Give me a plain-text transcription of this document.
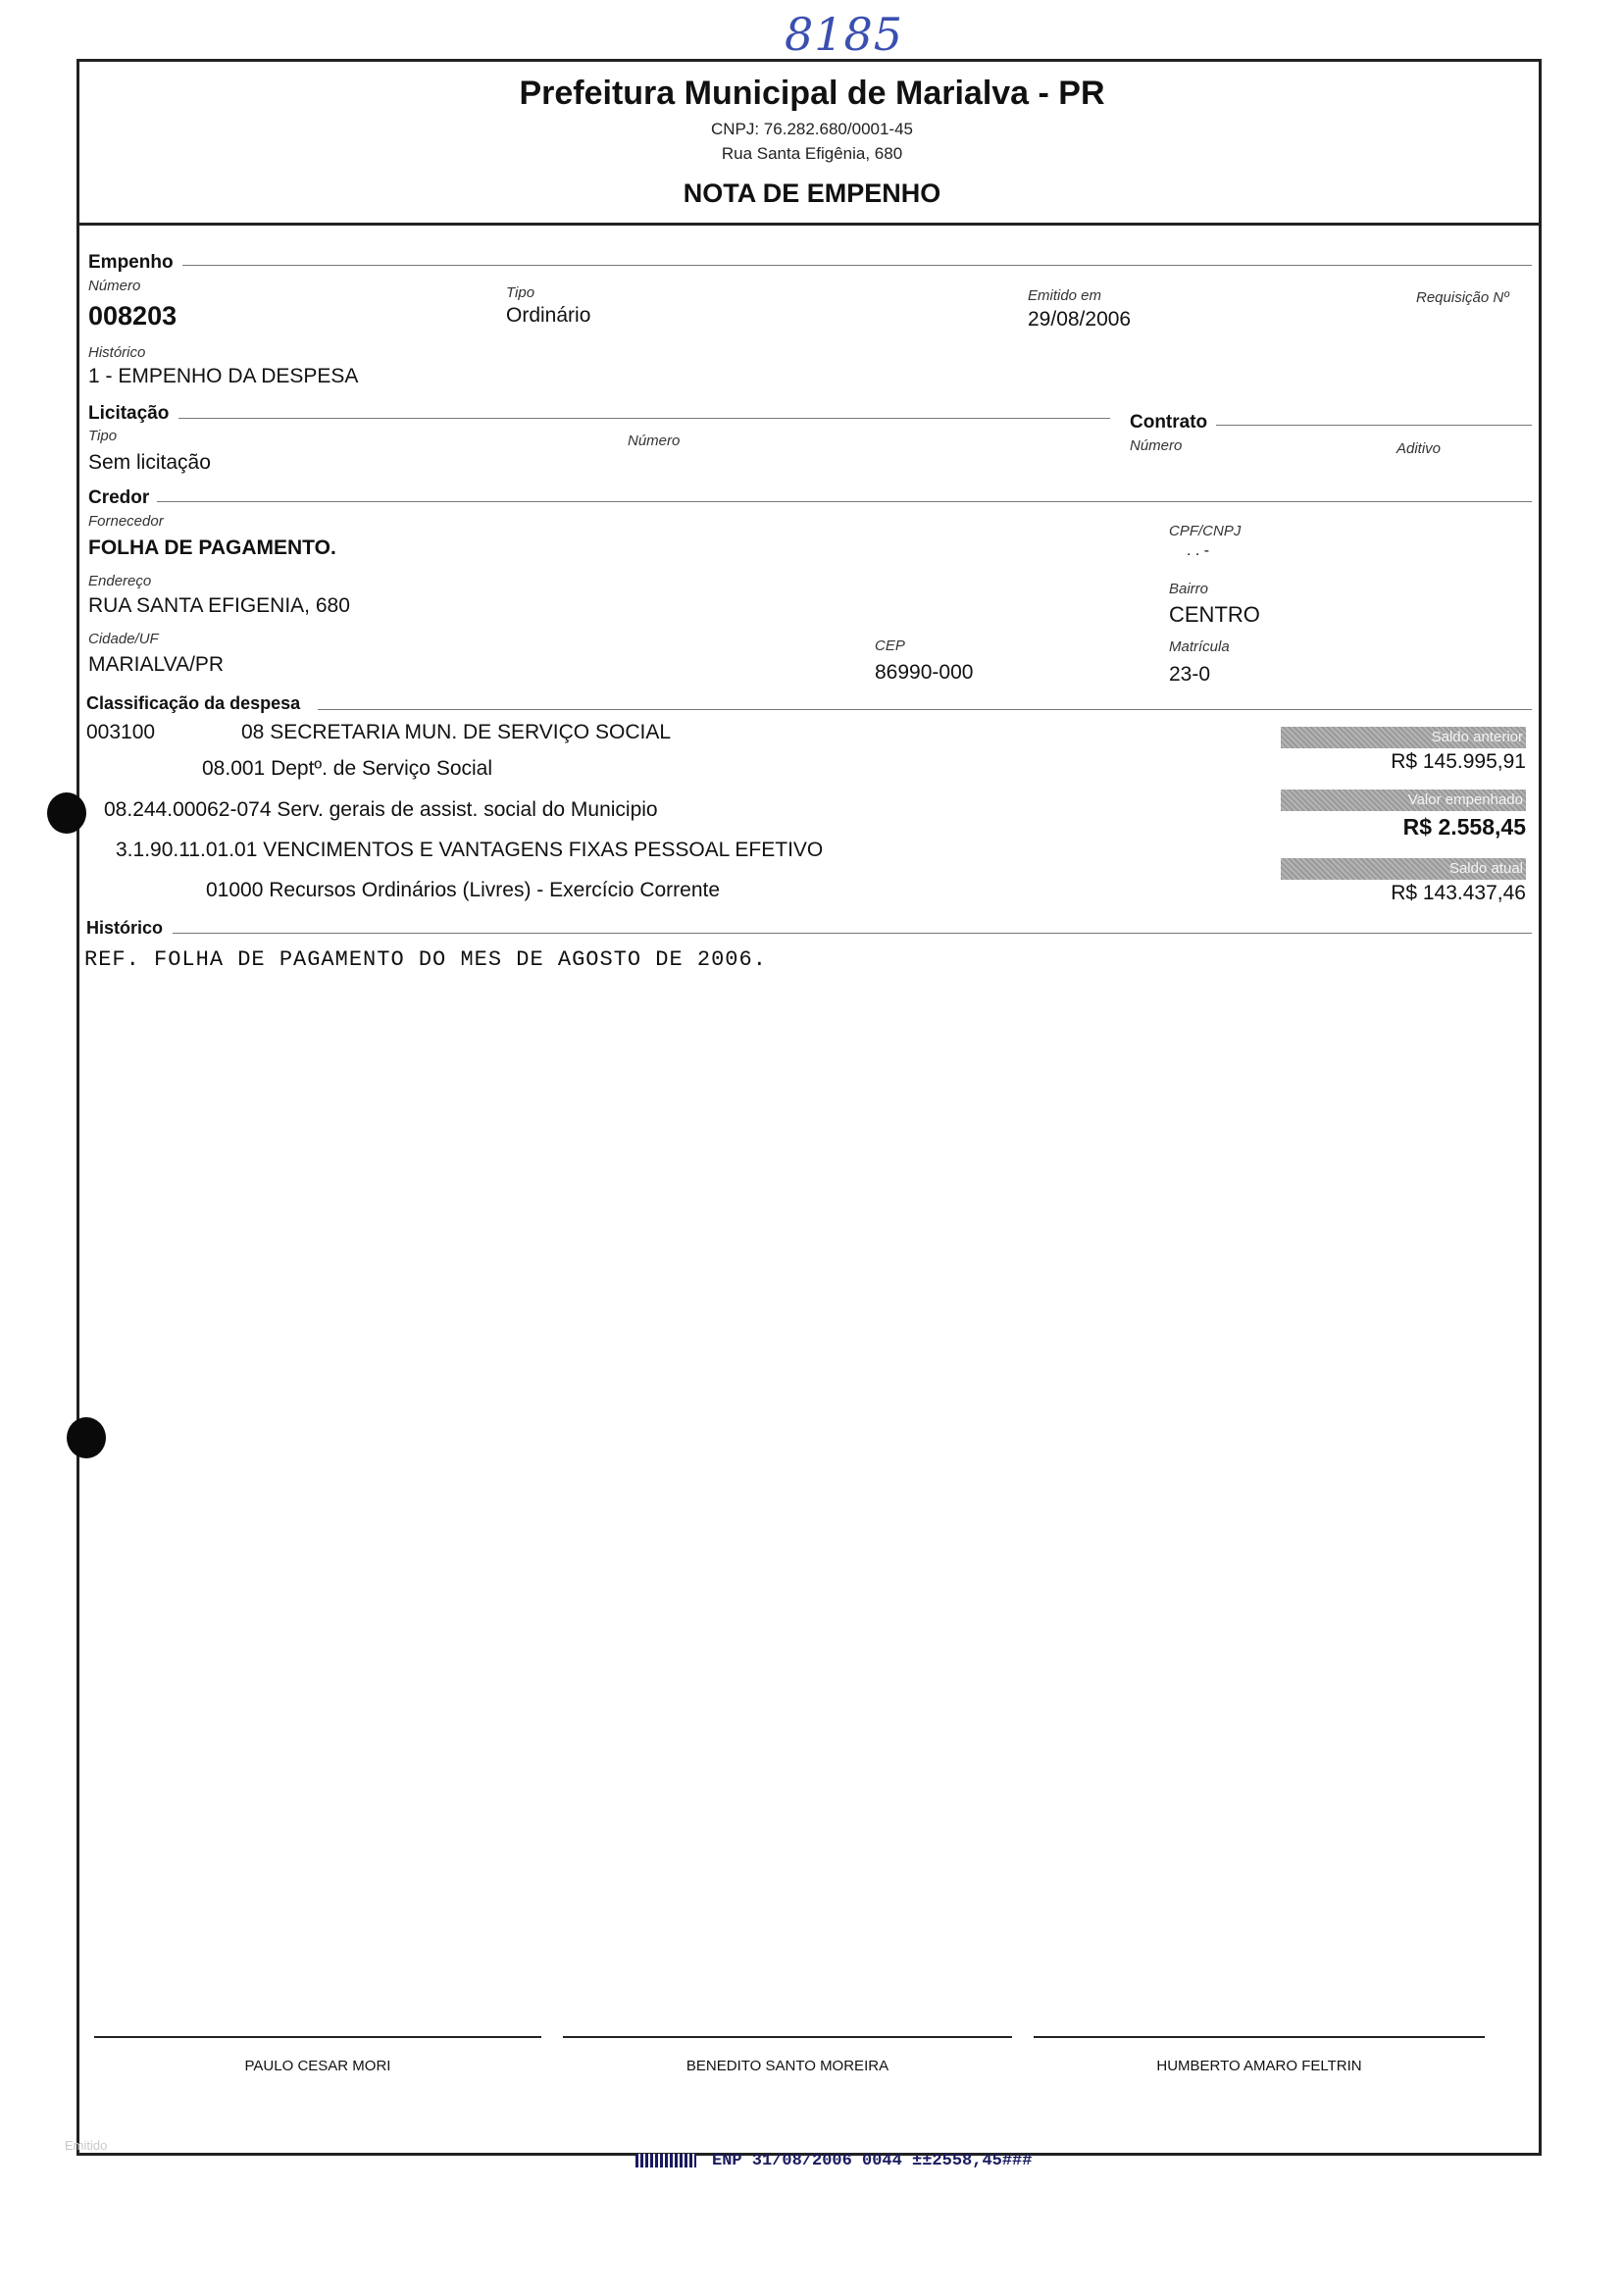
8185
Prefeitura Municipal de Marialva - PR
CNPJ: 76.282.680/0001-45
Rua Santa Efigênia, 680
NOTA DE EMPENHO
Empenho
Número
008203
Tipo
Ordinário
Emitido em
29/08/2006
Requisição Nº
Histórico
1 - EMPENHO DA DESPESA
Licitação
Tipo
Sem licitação
Número
Contrato
Número	Aditivo
Credor
Fornecedor
FOLHA DE PAGAMENTO.
CPF/CNPJ
. . -
Endereço
RUA SANTA EFIGENIA, 680
Bairro
CENTRO
Cidade/UF
MARIALVA/PR
CEP
86990-000
Matrícula
23-0
Classificação da despesa
003100	08 SECRETARIA MUN. DE SERVIÇO SOCIAL
08.001 Deptº. de Serviço Social
08.244.00062-074 Serv. gerais de assist. social do Municipio
3.1.90.11.01.01 VENCIMENTOS E VANTAGENS FIXAS PESSOAL EFETIVO
01000 Recursos Ordinários (Livres) - Exercício Corrente
Saldo anterior
R$ 145.995,91
Valor empenhado
R$ 2.558,45
Saldo atual
R$ 143.437,46
Histórico
REF. FOLHA DE PAGAMENTO DO MES DE AGOSTO DE 2006.
PAULO CESAR MORI	BENEDITO SANTO MOREIRA	HUMBERTO AMARO FELTRIN
Emitido
ENP 31/08/2006 0044 ±±2558,45###
